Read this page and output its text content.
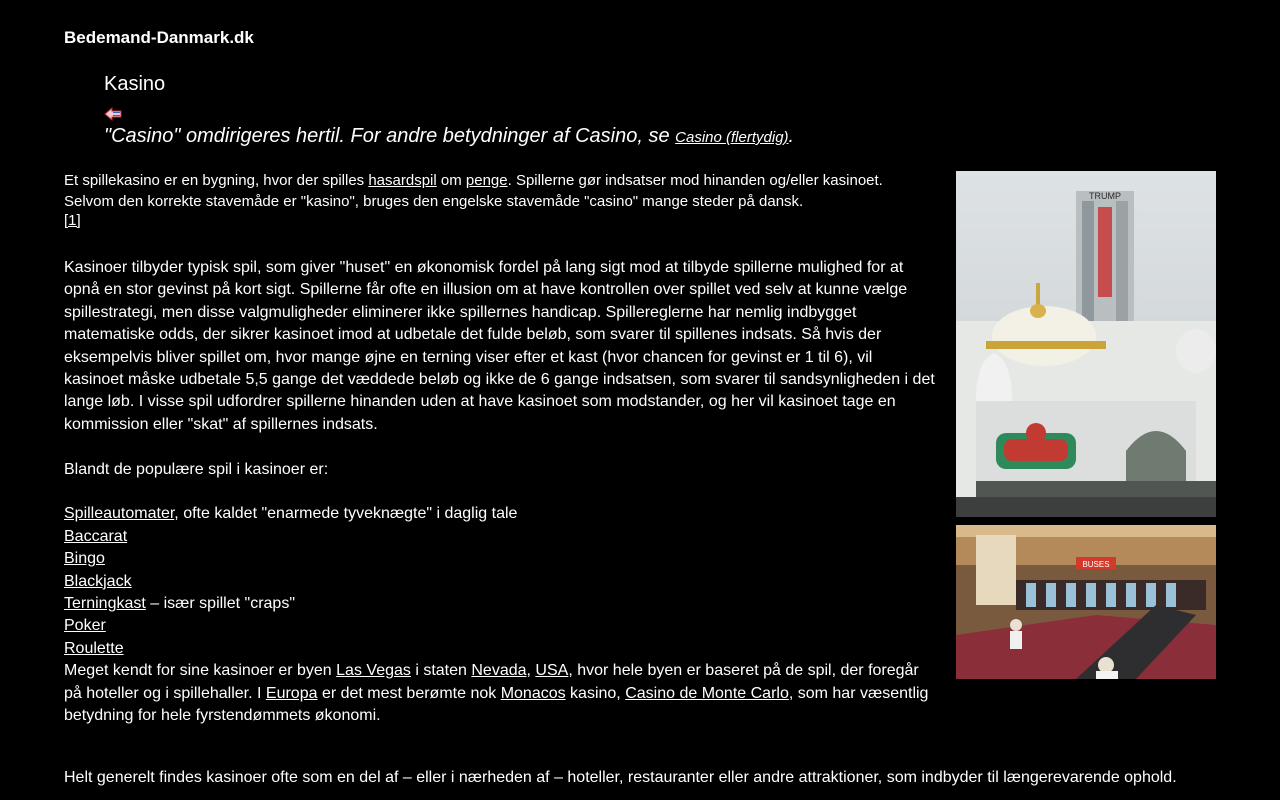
Bedemand-Danmark.dk
Kasino
"Casino" omdirigeres hertil. For andre betydninger af Casino, se Casino (flertydig).

Et spillekasino er en bygning, hvor der spilles hasardspil om penge. Spillerne gør indsatser mod hinanden og/eller kasinoet. Selvom den korrekte stavemåde er "kasino", bruges den engelske stavemåde "casino" mange steder på dansk.
[1]

Kasinoer tilbyder typisk spil, som giver "huset" en økonomisk fordel på lang sigt mod at tilbyde spillerne mulighed for at opnå en stor gevinst på kort sigt. Spillerne får ofte en illusion om at have kontrollen over spillet ved selv at kunne vælge spillestrategi, men disse valgmuligheder eliminerer ikke spillernes handicap. Spillereglerne har nemlig indbygget matematiske odds, der sikrer kasinoet imod at udbetale det fulde beløb, som svarer til spillenes indsats. Så hvis der eksempelvis bliver spillet om, hvor mange øjne en terning viser efter et kast (hvor chancen for gevinst er 1 til 6), vil kasinoet måske udbetale 5,5 gange det væddede beløb og ikke de 6 gange indsatsen, som svarer til sandsynligheden i det lange løb. I visse spil udfordrer spillerne hinanden uden at have kasinoet som modstander, og her vil kasinoet tage en kommission eller "skat" af spillernes indsats.

Blandt de populære spil i kasinoer er:

Spilleautomater, ofte kaldet "enarmede tyveknægte" i daglig tale
Baccarat
Bingo
Blackjack
Terningkast – især spillet "craps"
Poker
Roulette

Meget kendt for sine kasinoer er byen Las Vegas i staten Nevada, USA, hvor hele byen er baseret på de spil, der foregår på hoteller og i spillehaller. I Europa er det mest berømte nok Monacos kasino, Casino de Monte Carlo, som har væsentlig betydning for hele fyrstendømmets økonomi.

TRUMP
BUSES

Helt generelt findes kasinoer ofte som en del af – eller i nærheden af – hoteller, restauranter eller andre attraktioner, som indbyder til længerevarende ophold.
